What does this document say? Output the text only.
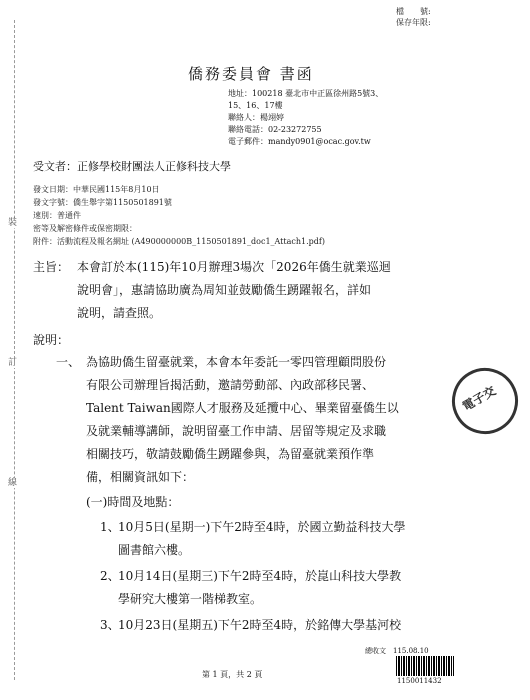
裝
訂
線
檔　　號:
保存年限:
僑務委員會 書函
地址：100218 臺北市中正區徐州路5號3、
15、16、17樓
聯絡人：楊翊婷
聯絡電話：02-23272755
電子郵件：mandy0901@ocac.gov.tw
受文者：正修學校財團法人正修科技大學
發文日期：中華民國115年8月10日
發文字號：僑生舉字第1150501891號
速別：普通件
密等及解密條件或保密期限：
附件：活動流程及報名網址 (A490000000B_1150501891_doc1_Attach1.pdf)
主旨： 本會訂於本(115)年10月辦理3場次「2026年僑生就業巡迴
說明會」，惠請協助廣為周知並鼓勵僑生踴躍報名，詳如
說明，請查照。
說明：
一、 為協助僑生留臺就業，本會本年委託一零四管理顧問股份
有限公司辦理旨揭活動，邀請勞動部、內政部移民署、
Talent Taiwan國際人才服務及延攬中心、畢業留臺僑生以
及就業輔導講師，說明留臺工作申請、居留等規定及求職
相關技巧，敬請鼓勵僑生踴躍參與，為留臺就業預作準
備，相關資訊如下：
(一)時間及地點：
1、
10月5日(星期一)下午2時至4時，於國立勤益科技大學
圖書館六樓。
2、
10月14日(星期三)下午2時至4時，於崑山科技大學教
學研究大樓第一階梯教室。
3、
10月23日(星期五)下午2時至4時，於銘傳大學基河校
電子交
總收文　115.08.10
1150011432
第 1 頁，共 2 頁
